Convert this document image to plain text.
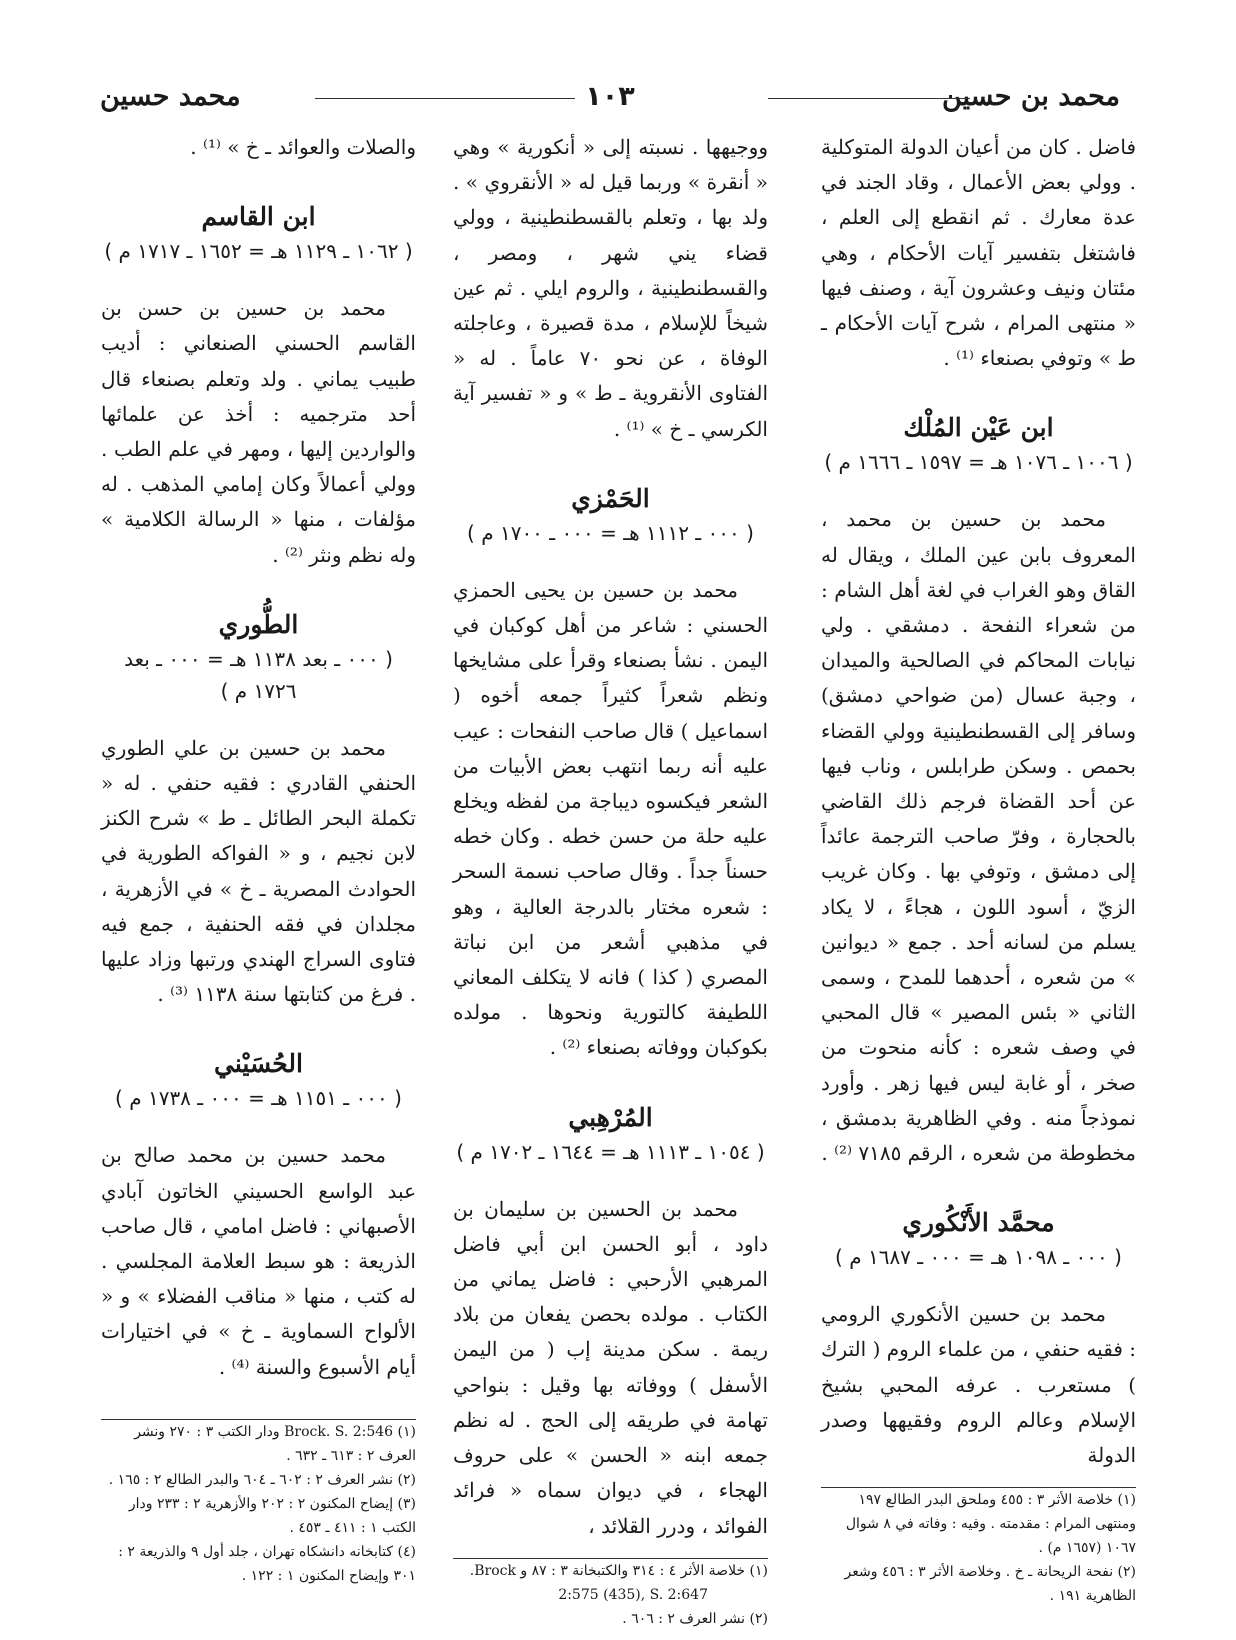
محمد بن حسين
١٠٣
محمد حسين

فاضل . كان من أعيان الدولة المتوكلية . وولي بعض الأعمال ، وقاد الجند في عدة معارك . ثم انقطع إلى العلم ، فاشتغل بتفسير آيات الأحكام ، وهي مئتان ونيف وعشرون آية ، وصنف فيها « منتهى المرام ، شرح آيات الأحكام ـ ط » وتوفي بصنعاء ⁽¹⁾ .

ابن عَيْن المُلْك

( ١٠٠٦ ـ ١٠٧٦ هـ = ١٥٩٧ ـ ١٦٦٦ م )

محمد بن حسين بن محمد ، المعروف بابن عين الملك ، ويقال له القاق وهو الغراب في لغة أهل الشام : من شعراء النفحة . دمشقي . ولي نيابات المحاكم في الصالحية والميدان ، وجبة عسال (من ضواحي دمشق) وسافر إلى القسطنطينية وولي القضاء بحمص . وسكن طرابلس ، وناب فيها عن أحد القضاة فرجم ذلك القاضي بالحجارة ، وفرّ صاحب الترجمة عائداً إلى دمشق ، وتوفي بها . وكان غريب الزيّ ، أسود اللون ، هجاءً ، لا يكاد يسلم من لسانه أحد . جمع « ديوانين » من شعره ، أحدهما للمدح ، وسمى الثاني « بئس المصير » قال المحبي في وصف شعره : كأنه منحوت من صخر ، أو غابة ليس فيها زهر . وأورد نموذجاً منه . وفي الظاهرية بدمشق ، مخطوطة من شعره ، الرقم ٧١٨٥ ⁽²⁾ .

محمَّد الأَنْكُوري

( ٠٠٠ ـ ١٠٩٨ هـ = ٠٠٠ ـ ١٦٨٧ م )

محمد بن حسين الأنكوري الرومي : فقيه حنفي ، من علماء الروم ( الترك ) مستعرب . عرفه المحبي بشيخ الإسلام وعالم الروم وفقيهها وصدر الدولة

(١) خلاصة الأثر ٣ : ٤٥٥ وملحق البدر الطالع ١٩٧ ومنتهى المرام : مقدمته . وفيه : وفاته في ٨ شوال ١٠٦٧ (١٦٥٧ م) .

(٢) نفحة الريحانة ـ خ . وخلاصة الأثر ٣ : ٤٥٦ وشعر الظاهرية ١٩١ .

ووجيهها . نسبته إلى « أنكورية » وهي « أنقرة » وربما قيل له « الأنقروي » . ولد بها ، وتعلم بالقسطنطينية ، وولي قضاء يني شهر ، ومصر ، والقسطنطينية ، والروم ايلي . ثم عين شيخاً للإسلام ، مدة قصيرة ، وعاجلته الوفاة ، عن نحو ٧٠ عاماً . له « الفتاوى الأنقروية ـ ط » و « تفسير آية الكرسي ـ خ » ⁽¹⁾ .

الحَمْزي

( ٠٠٠ ـ ١١١٢ هـ = ٠٠٠ ـ ١٧٠٠ م )

محمد بن حسين بن يحيى الحمزي الحسني : شاعر من أهل كوكبان في اليمن . نشأ بصنعاء وقرأ على مشايخها ونظم شعراً كثيراً جمعه أخوه ( اسماعيل ) قال صاحب النفحات : عيب عليه أنه ربما انتهب بعض الأبيات من الشعر فيكسوه ديباجة من لفظه ويخلع عليه حلة من حسن خطه . وكان خطه حسناً جداً . وقال صاحب نسمة السحر : شعره مختار بالدرجة العالية ، وهو في مذهبي أشعر من ابن نباتة المصري ( كذا ) فانه لا يتكلف المعاني اللطيفة كالتورية ونحوها . مولده بكوكبان ووفاته بصنعاء ⁽²⁾ .

المُرْهِبي

( ١٠٥٤ ـ ١١١٣ هـ = ١٦٤٤ ـ ١٧٠٢ م )

محمد بن الحسين بن سليمان بن داود ، أبو الحسن ابن أبي فاضل المرهبي الأرحبي : فاضل يماني من الكتاب . مولده بحصن يفعان من بلاد ريمة . سكن مدينة إب ( من اليمن الأسفل ) ووفاته بها وقيل : بنواحي تهامة في طريقه إلى الحج . له نظم جمعه ابنه « الحسن » على حروف الهجاء ، في ديوان سماه « فرائد الفوائد ، ودرر القلائد ،

(١) خلاصة الأثر ٤ : ٣١٤ والكتبخانة ٣ : ٨٧ و Brock.

2:575 (435), S. 2:647

(٢) نشر العرف ٢ : ٦٠٦ .

والصلات والعوائد ـ خ » ⁽¹⁾ .

ابن القاسم

( ١٠٦٢ ـ ١١٢٩ هـ = ١٦٥٢ ـ ١٧١٧ م )

محمد بن حسين بن حسن بن القاسم الحسني الصنعاني : أديب طبيب يماني . ولد وتعلم بصنعاء قال أحد مترجميه : أخذ عن علمائها والواردين إليها ، ومهر في علم الطب . وولي أعمالاً وكان إمامي المذهب . له مؤلفات ، منها « الرسالة الكلامية » وله نظم ونثر ⁽²⁾ .

الطُّوري

( ٠٠٠ ـ بعد ١١٣٨ هـ = ٠٠٠ ـ بعد ١٧٢٦ م )

محمد بن حسين بن علي الطوري الحنفي القادري : فقيه حنفي . له « تكملة البحر الطائل ـ ط » شرح الكنز لابن نجيم ، و « الفواكه الطورية في الحوادث المصرية ـ خ » في الأزهرية ، مجلدان في فقه الحنفية ، جمع فيه فتاوى السراج الهندي ورتبها وزاد عليها . فرغ من كتابتها سنة ١١٣٨ ⁽³⁾ .

الحُسَيْني

( ٠٠٠ ـ ١١٥١ هـ = ٠٠٠ ـ ١٧٣٨ م )

محمد حسين بن محمد صالح بن عبد الواسع الحسيني الخاتون آبادي الأصبهاني : فاضل امامي ، قال صاحب الذريعة : هو سبط العلامة المجلسي . له كتب ، منها « مناقب الفضلاء » و « الألواح السماوية ـ خ » في اختيارات أيام الأسبوع والسنة ⁽⁴⁾ .

(١) Brock. S. 2:546 ودار الكتب ٣ : ٢٧٠ ونشر العرف ٢ : ٦١٣ ـ ٦٣٢ .

(٢) نشر العرف ٢ : ٦٠٢ ـ ٦٠٤ والبدر الطالع ٢ : ١٦٥ .

(٣) إيضاح المكنون ٢ : ٢٠٢ والأزهرية ٢ : ٢٣٣ ودار الكتب ١ : ٤١١ ـ ٤٥٣ .

(٤) كتابخانه دانشكاه تهران ، جلد أول ٩ والذريعة ٢ : ٣٠١ وإيضاح المكنون ١ : ١٢٢ .
